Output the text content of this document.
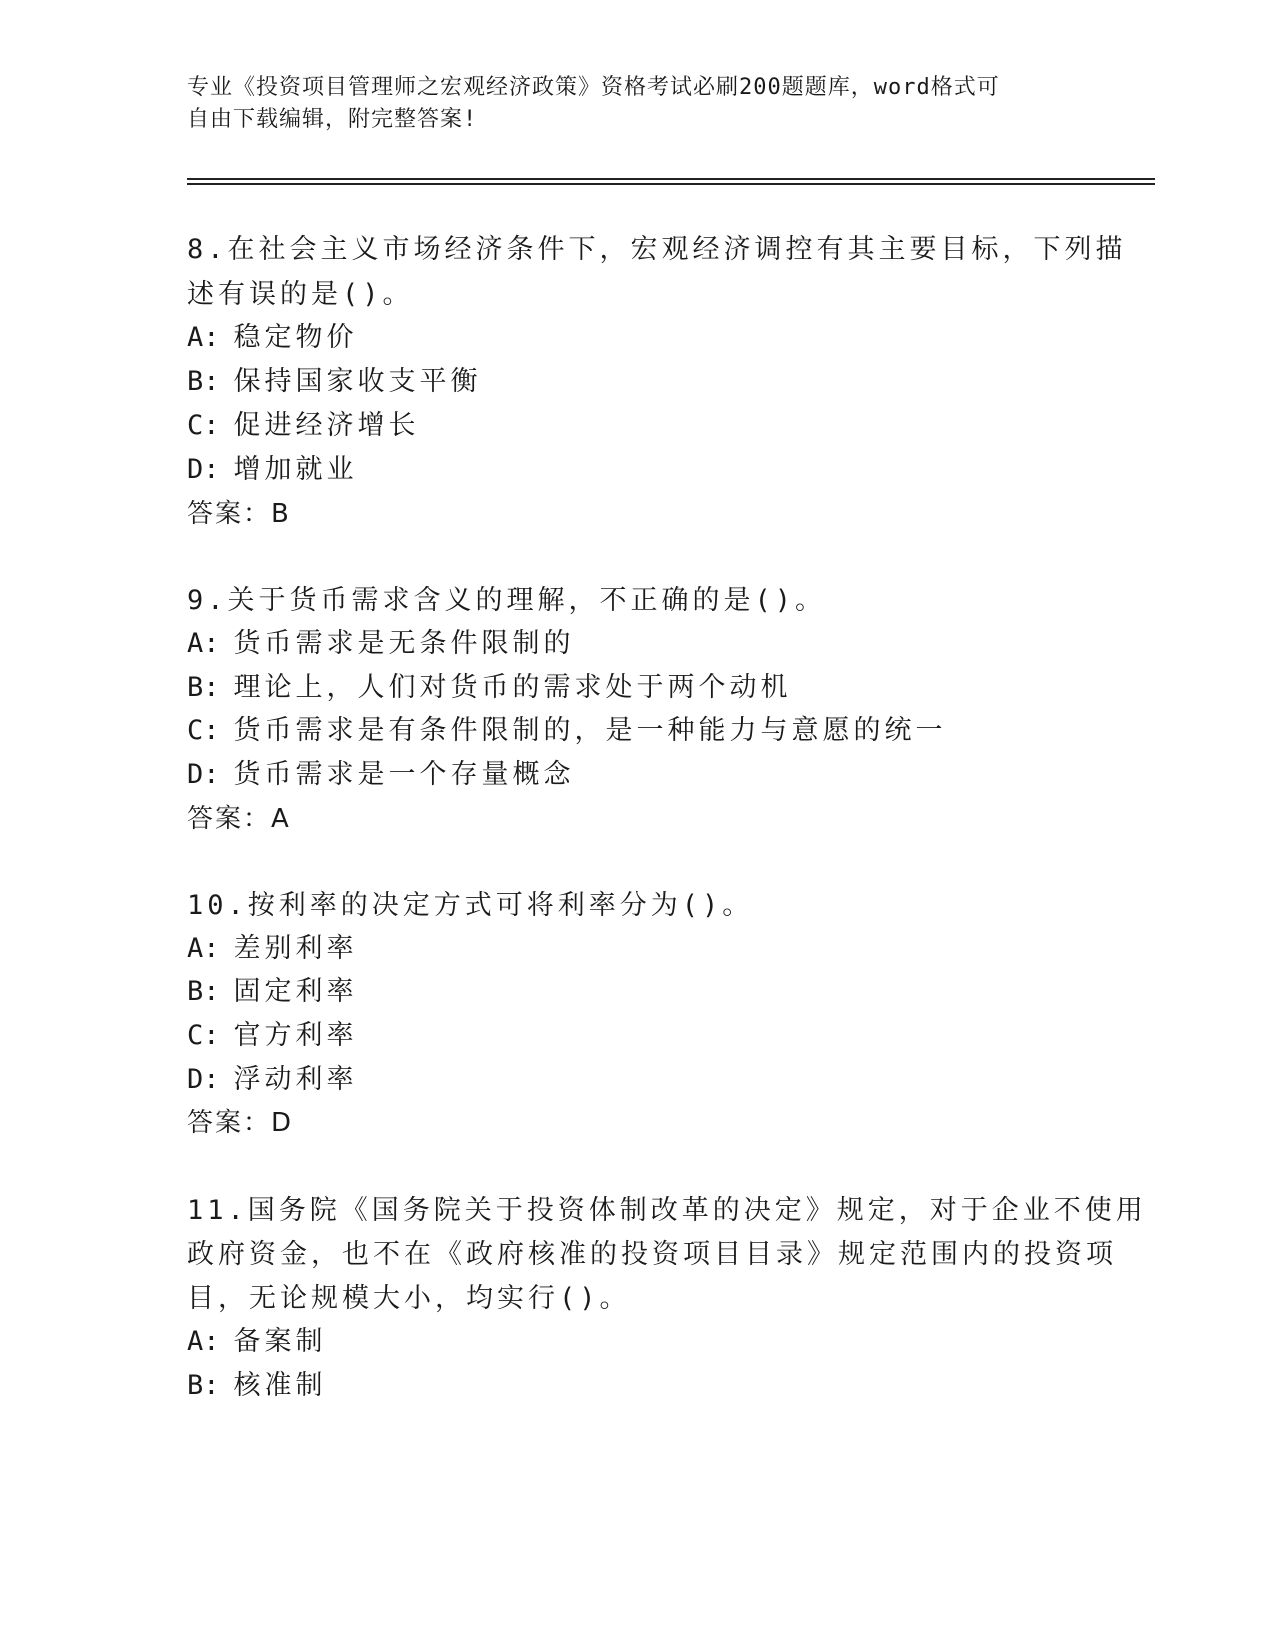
专业《投资项目管理师之宏观经济政策》资格考试必刷200题题库，word格式可
自由下载编辑，附完整答案!
8.在社会主义市场经济条件下，宏观经济调控有其主要目标，下列描
述有误的是()。
A: 稳定物价
B: 保持国家收支平衡
C: 促进经济增长
D: 增加就业
答案：B
9.关于货币需求含义的理解，不正确的是()。
A: 货币需求是无条件限制的
B: 理论上，人们对货币的需求处于两个动机
C: 货币需求是有条件限制的，是一种能力与意愿的统一
D: 货币需求是一个存量概念
答案：A
10.按利率的决定方式可将利率分为()。
A: 差别利率
B: 固定利率
C: 官方利率
D: 浮动利率
答案：D
11.国务院《国务院关于投资体制改革的决定》规定，对于企业不使用
政府资金，也不在《政府核准的投资项目目录》规定范围内的投资项
目，无论规模大小，均实行()。
A: 备案制
B: 核准制
